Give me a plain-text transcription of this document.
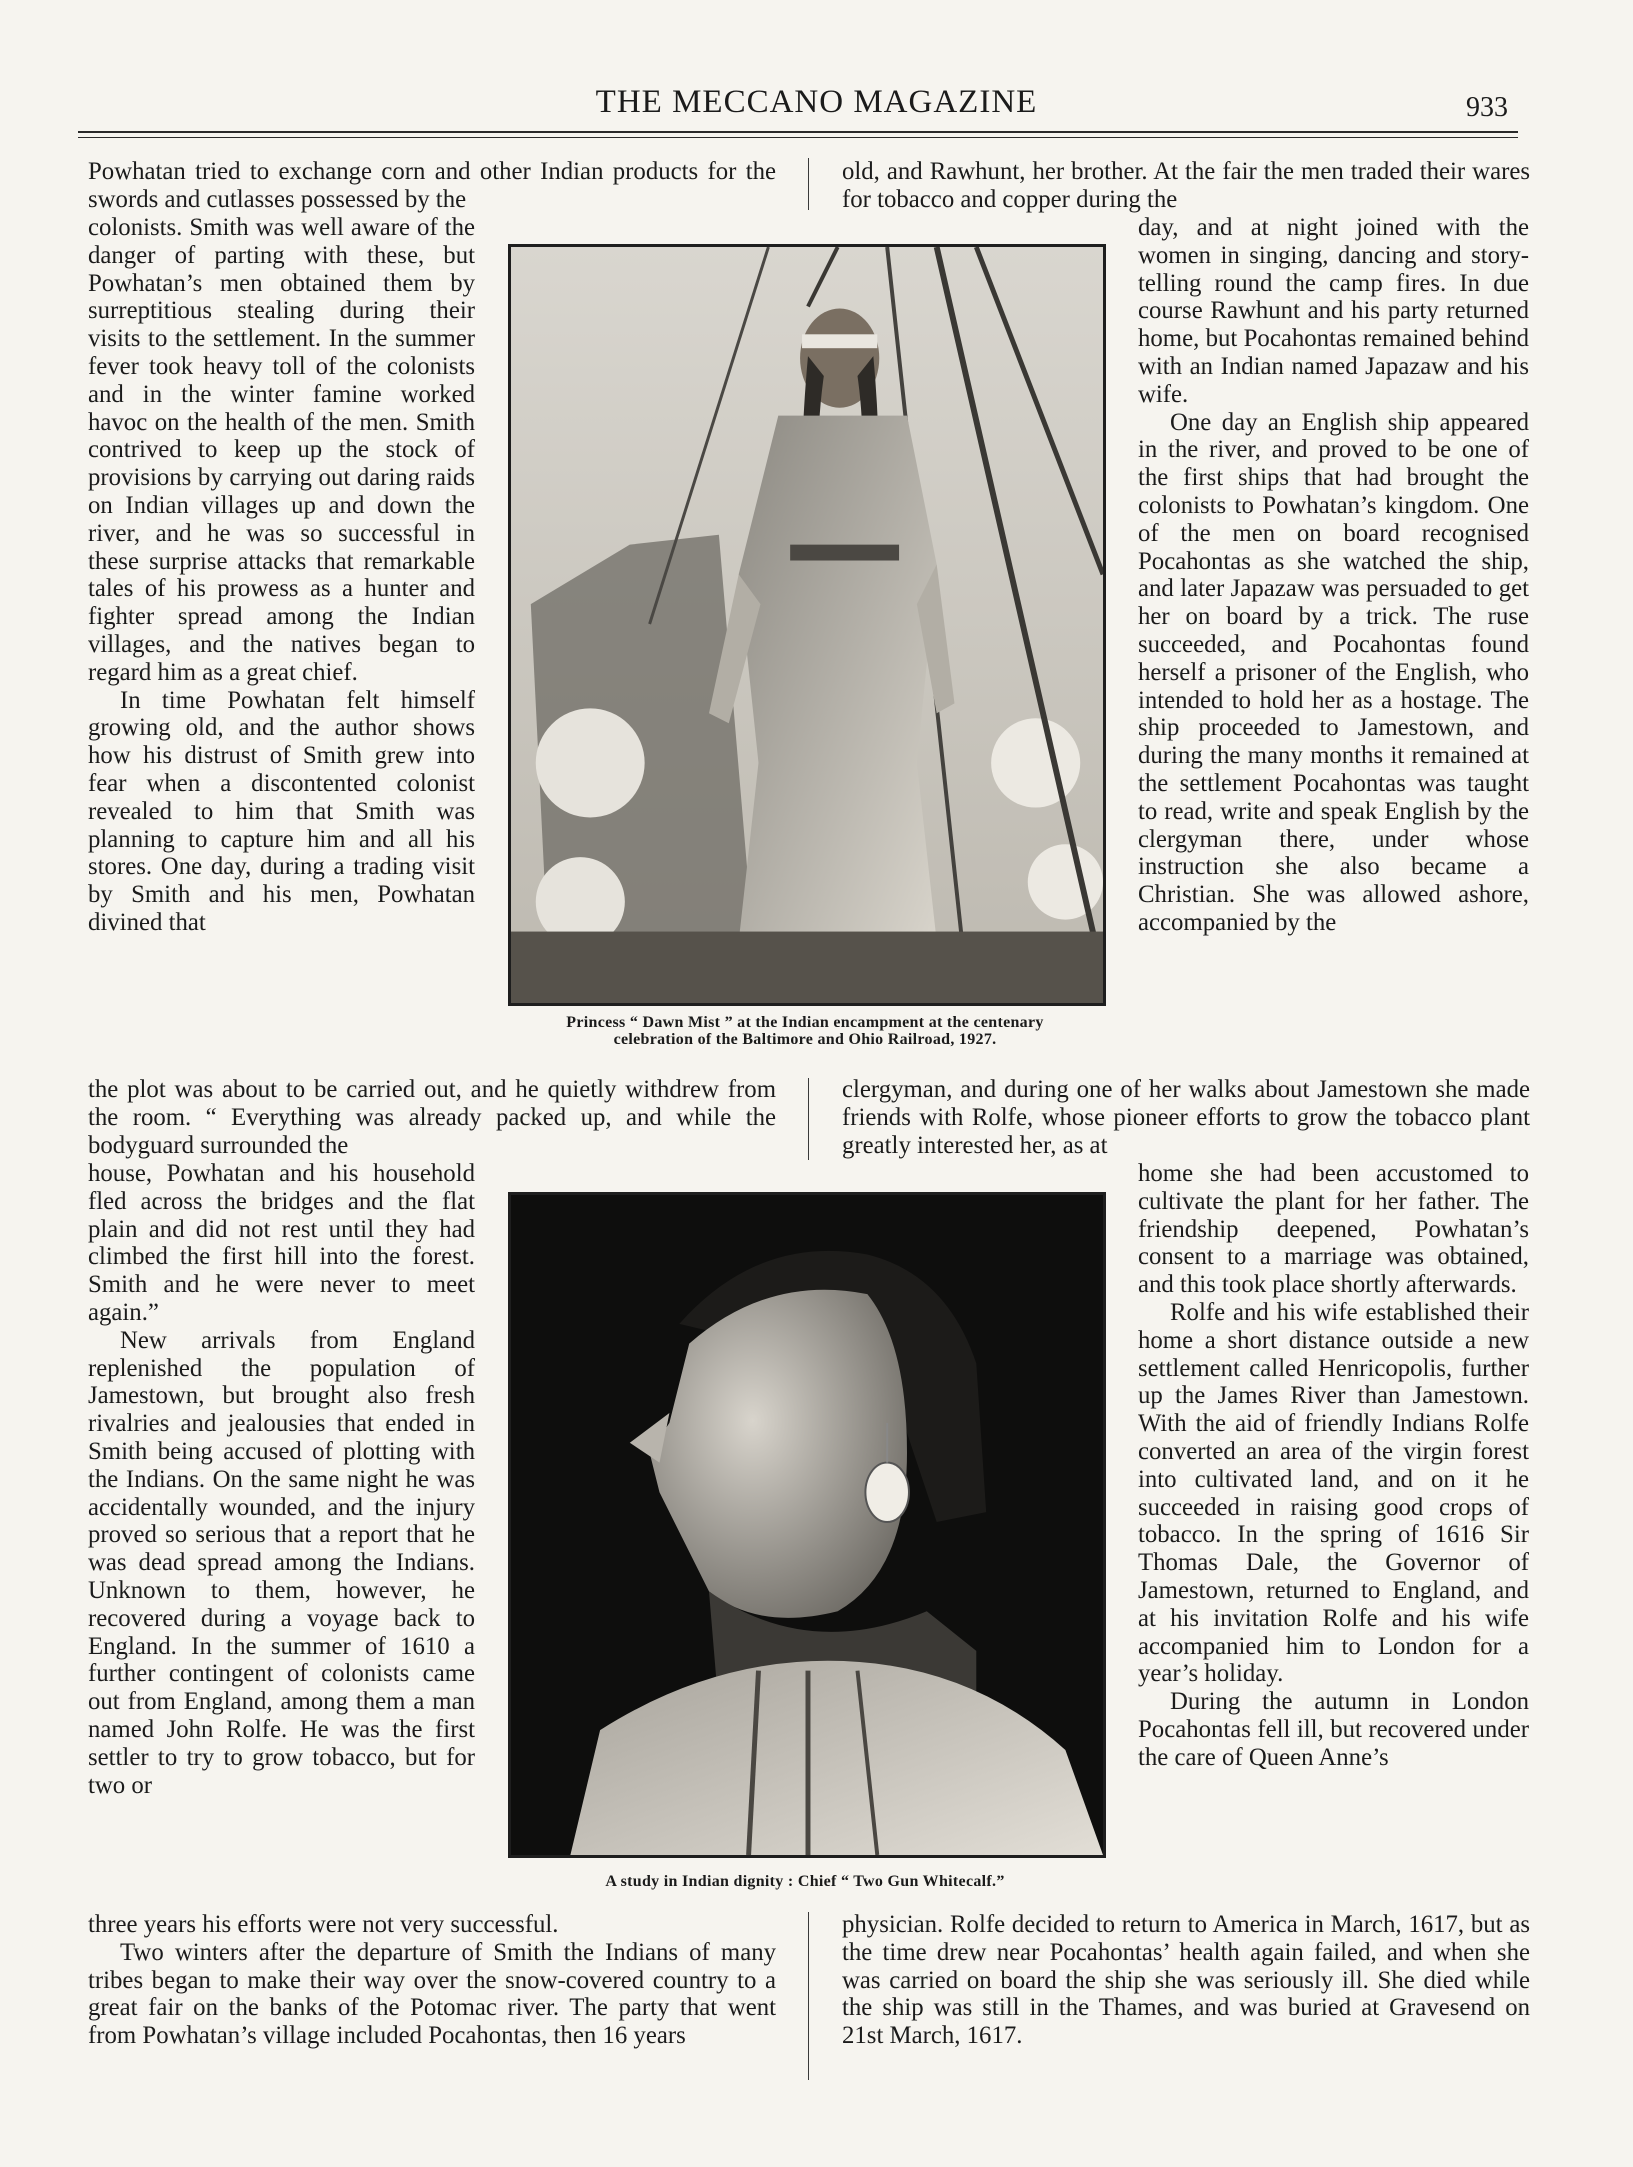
THE MECCANO MAGAZINE	933

Powhatan tried to exchange corn and other Indian products for the swords and cutlasses possessed by the

old, and Rawhunt, her brother. At the fair the men traded their wares for tobacco and copper during the

colonists. Smith was well aware of the danger of parting with these, but Powhatan’s men obtained them by surreptitious stealing during their visits to the settlement. In the summer fever took heavy toll of the colonists and in the winter famine worked havoc on the health of the men. Smith contrived to keep up the stock of provisions by carrying out daring raids on Indian villages up and down the river, and he was so successful in these surprise attacks that remarkable tales of his prowess as a hunter and fighter spread among the Indian villages, and the natives began to regard him as a great chief.

In time Powhatan felt himself growing old, and the author shows how his distrust of Smith grew into fear when a discontented colonist revealed to him that Smith was planning to capture him and all his stores. One day, during a trading visit by Smith and his men, Powhatan divined that

Princess “ Dawn Mist ” at the Indian encampment at the centenary
celebration of the Baltimore and Ohio Railroad, 1927.

day, and at night joined with the women in singing, dancing and story-telling round the camp fires. In due course Rawhunt and his party returned home, but Pocahontas remained behind with an Indian named Japazaw and his wife.

One day an English ship appeared in the river, and proved to be one of the first ships that had brought the colonists to Powhatan’s kingdom. One of the men on board recognised Pocahontas as she watched the ship, and later Japazaw was persuaded to get her on board by a trick. The ruse succeeded, and Pocahontas found herself a prisoner of the English, who intended to hold her as a hostage. The ship proceeded to Jamestown, and during the many months it remained at the settlement Pocahontas was taught to read, write and speak English by the clergyman there, under whose instruction she also became a Christian. She was allowed ashore, accompanied by the

the plot was about to be carried out, and he quietly withdrew from the room. “ Everything was already packed up, and while the bodyguard surrounded the

clergyman, and during one of her walks about Jamestown she made friends with Rolfe, whose pioneer efforts to grow the tobacco plant greatly interested her, as at

house, Powhatan and his household fled across the bridges and the flat plain and did not rest until they had climbed the first hill into the forest. Smith and he were never to meet again.”

New arrivals from England replenished the population of Jamestown, but brought also fresh rivalries and jealousies that ended in Smith being accused of plotting with the Indians. On the same night he was accidentally wounded, and the injury proved so serious that a report that he was dead spread among the Indians. Unknown to them, however, he recovered during a voyage back to England. In the summer of 1610 a further contingent of colonists came out from England, among them a man named John Rolfe. He was the first settler to try to grow tobacco, but for two or

A study in Indian dignity : Chief “ Two Gun Whitecalf.”

home she had been accustomed to cultivate the plant for her father. The friendship deepened, Powhatan’s consent to a marriage was obtained, and this took place shortly afterwards.

Rolfe and his wife established their home a short distance outside a new settlement called Henricopolis, further up the James River than Jamestown. With the aid of friendly Indians Rolfe converted an area of the virgin forest into cultivated land, and on it he succeeded in raising good crops of tobacco. In the spring of 1616 Sir Thomas Dale, the Governor of Jamestown, returned to England, and at his invitation Rolfe and his wife accompanied him to London for a year’s holiday.

During the autumn in London Pocahontas fell ill, but recovered under the care of Queen Anne’s

three years his efforts were not very successful.

Two winters after the departure of Smith the Indians of many tribes began to make their way over the snow-covered country to a great fair on the banks of the Potomac river. The party that went from Powhatan’s village included Pocahontas, then 16 years

physician. Rolfe decided to return to America in March, 1617, but as the time drew near Pocahontas’ health again failed, and when she was carried on board the ship she was seriously ill. She died while the ship was still in the Thames, and was buried at Gravesend on 21st March, 1617.
